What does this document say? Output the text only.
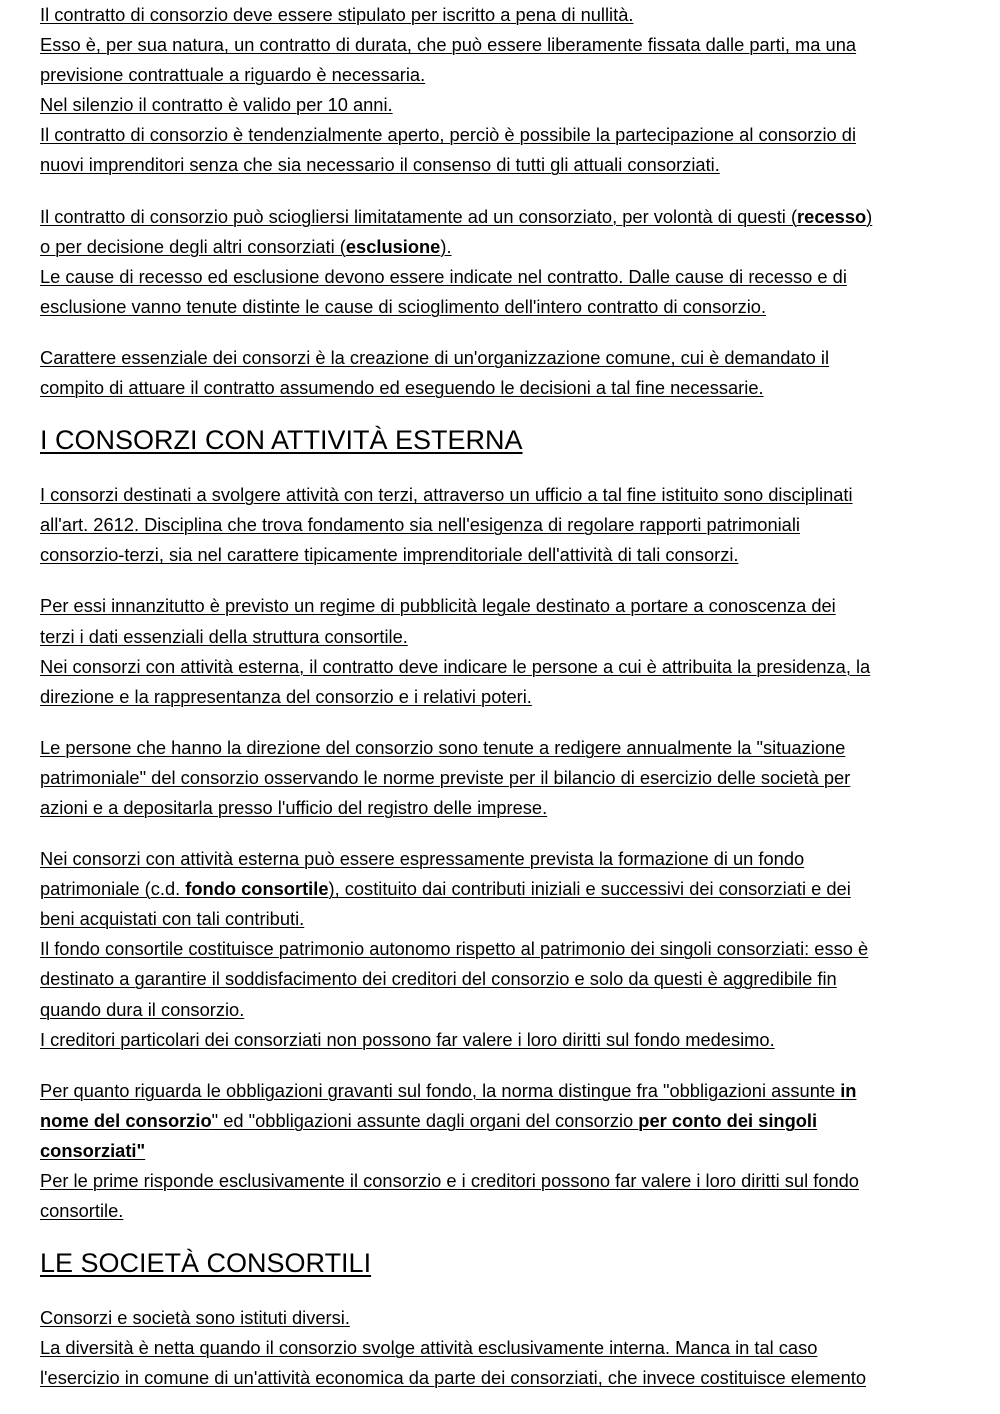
Il contratto di consorzio deve essere stipulato per iscritto a pena di nullità.
Esso è, per sua natura, un contratto di durata, che può essere liberamente fissata dalle parti, ma una
previsione contrattuale a riguardo è necessaria.
Nel silenzio il contratto è valido per 10 anni.
Il contratto di consorzio è tendenzialmente aperto, perciò è possibile la partecipazione al consorzio di
nuovi imprenditori senza che sia necessario il consenso di tutti gli attuali consorziati.
Il contratto di consorzio può sciogliersi limitatamente ad un consorziato, per volontà di questi (recesso)
o per decisione degli altri consorziati (esclusione).
Le cause di recesso ed esclusione devono essere indicate nel contratto. Dalle cause di recesso e di
esclusione vanno tenute distinte le cause di scioglimento dell'intero contratto di consorzio.
Carattere essenziale dei consorzi è la creazione di un'organizzazione comune, cui è demandato il
compito di attuare il contratto assumendo ed eseguendo le decisioni a tal fine necessarie.
I CONSORZI CON ATTIVITÀ ESTERNA
I consorzi destinati a svolgere attività con terzi, attraverso un ufficio a tal fine istituito sono disciplinati
all'art. 2612. Disciplina che trova fondamento sia nell'esigenza di regolare rapporti patrimoniali
consorzio-terzi, sia nel carattere tipicamente imprenditoriale dell'attività di tali consorzi.
Per essi innanzitutto è previsto un regime di pubblicità legale destinato a portare a conoscenza dei
terzi i dati essenziali della struttura consortile.
Nei consorzi con attività esterna, il contratto deve indicare le persone a cui è attribuita la presidenza, la
direzione e la rappresentanza del consorzio e i relativi poteri.
Le persone che hanno la direzione del consorzio sono tenute a redigere annualmente la "situazione
patrimoniale" del consorzio osservando le norme previste per il bilancio di esercizio delle società per
azioni e a depositarla presso l'ufficio del registro delle imprese.
Nei consorzi con attività esterna può essere espressamente prevista la formazione di un fondo
patrimoniale (c.d. fondo consortile), costituito dai contributi iniziali e successivi dei consorziati e dei
beni acquistati con tali contributi.
Il fondo consortile costituisce patrimonio autonomo rispetto al patrimonio dei singoli consorziati: esso è
destinato a garantire il soddisfacimento dei creditori del consorzio e solo da questi è aggredibile fin
quando dura il consorzio.
I creditori particolari dei consorziati non possono far valere i loro diritti sul fondo medesimo.
Per quanto riguarda le obbligazioni gravanti sul fondo, la norma distingue fra "obbligazioni assunte in
nome del consorzio" ed "obbligazioni assunte dagli organi del consorzio per conto dei singoli
consorziati"
Per le prime risponde esclusivamente il consorzio e i creditori possono far valere i loro diritti sul fondo
consortile.
LE SOCIETÀ CONSORTILI
Consorzi e società sono istituti diversi.
La diversità è netta quando il consorzio svolge attività esclusivamente interna. Manca in tal caso
l'esercizio in comune di un'attività economica da parte dei consorziati, che invece costituisce elemento
